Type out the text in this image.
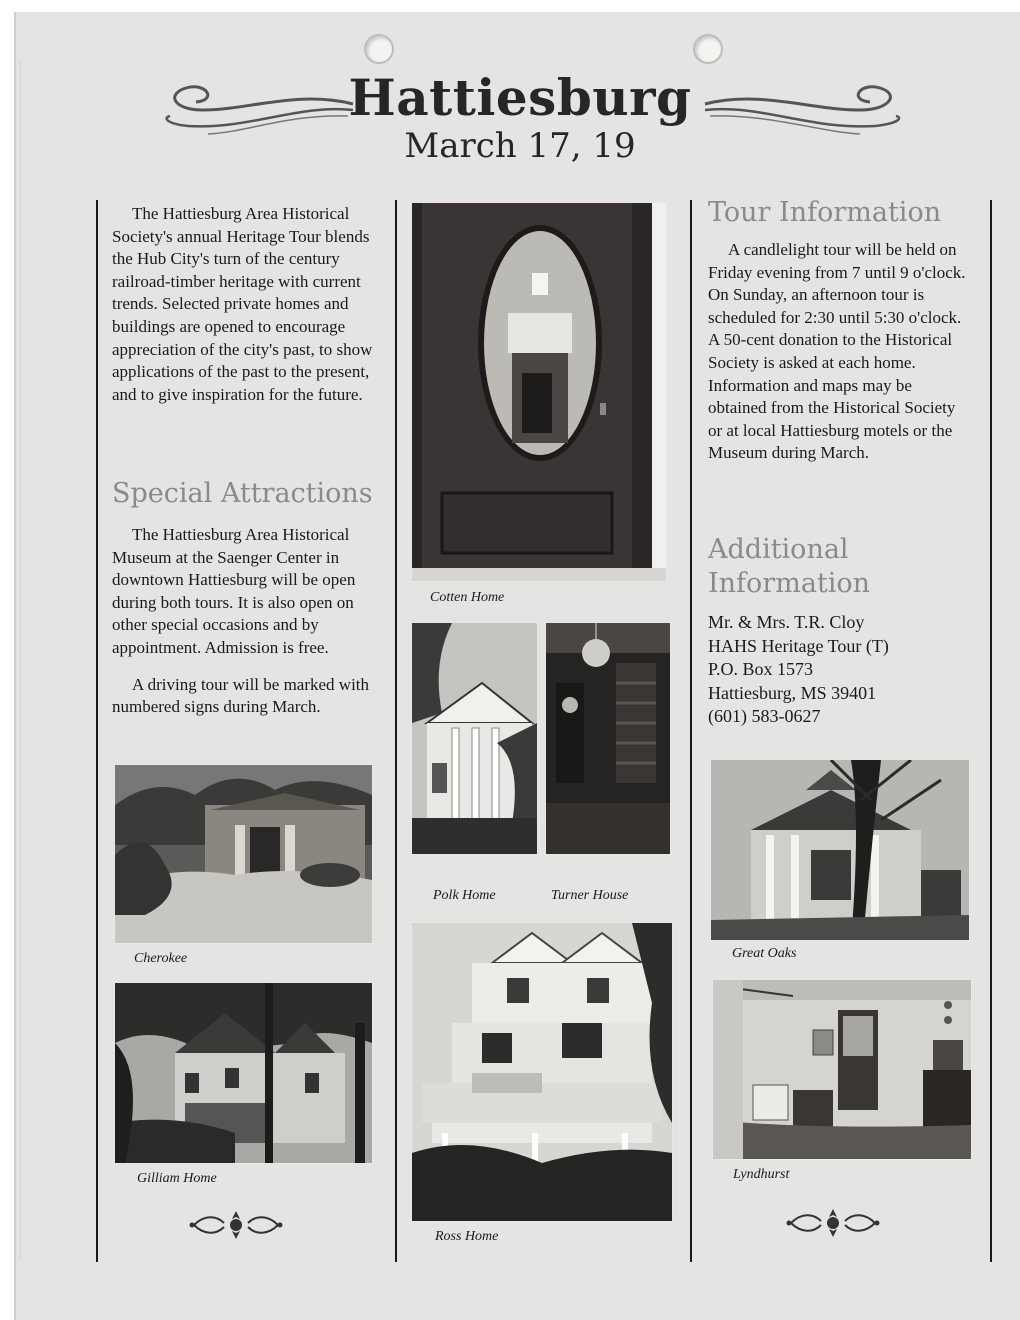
Hattiesburg
March 17, 19

The Hattiesburg Area Historical Society's annual Heritage Tour blends the Hub City's turn of the century railroad-timber heritage with current trends. Selected private homes and buildings are opened to encourage appreciation of the city's past, to show applications of the past to the present, and to give inspiration for the future.

Special Attractions

The Hattiesburg Area Historical Museum at the Saenger Center in downtown Hattiesburg will be open during both tours. It is also open on other special occasions and by appointment. Admission is free.

A driving tour will be marked with numbered signs during March.

Cherokee
Gilliam Home
Cotten Home
Polk Home	Turner House
Ross Home
Tour Information

A candlelight tour will be held on Friday evening from 7 until 9 o'clock. On Sunday, an afternoon tour is scheduled for 2:30 until 5:30 o'clock. A 50-cent donation to the Historical Society is asked at each home. Information and maps may be obtained from the Historical Society or at local Hattiesburg motels or the Museum during March.

Additional
Information
Mr. & Mrs. T.R. Cloy
HAHS Heritage Tour (T)
P.O. Box 1573
Hattiesburg, MS 39401
(601) 583-0627
Great Oaks
Lyndhurst
